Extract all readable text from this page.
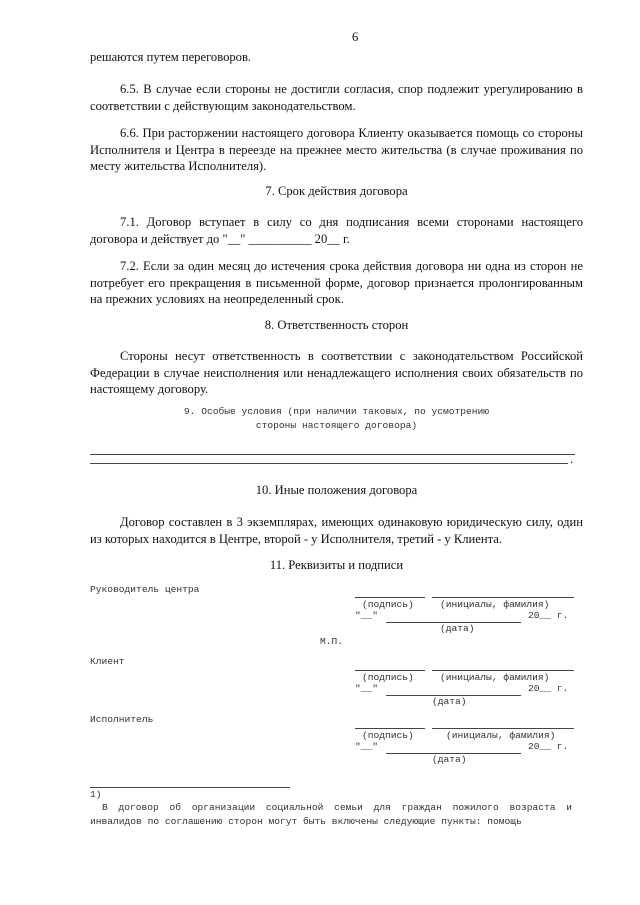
6
решаются путем переговоров.
6.5. В случае если стороны не достигли согласия, спор подлежит урегулированию в соответствии с действующим законодательством.
6.6. При расторжении настоящего договора Клиенту оказывается помощь со стороны Исполнителя и Центра в переезде на прежнее место жительства (в случае проживания по месту жительства Исполнителя).
7. Срок действия договора
7.1. Договор вступает в силу со дня подписания всеми сторонами настоящего договора и действует до "__" __________ 20__ г.
7.2. Если за один месяц до истечения срока действия договора ни одна из сторон не потребует его прекращения в письменной форме, договор признается пролонгированным на прежних условиях на неопределенный срок.
8. Ответственность сторон
Стороны несут ответственность в соответствии с законодательством Российской Федерации в случае неисполнения или ненадлежащего исполнения своих обязательств по настоящему договору.
9. Особые условия (при наличии таковых, по усмотрению
стороны настоящего договора)
.
10. Иные положения договора
Договор составлен в 3 экземплярах, имеющих одинаковую юридическую силу, один из которых находится в Центре, второй - у Исполнителя, третий - у Клиента.
11. Реквизиты и подписи
Руководитель центра
(подпись)	(инициалы, фамилия)
"__"	20__ г.
(дата)
М.П.
Клиент
(подпись)	(инициалы, фамилия)
"__"	20__ г.
(дата)
Исполнитель
(подпись)	(инициалы, фамилия)
"__"	20__ г.
(дата)
1)
В договор об организации социальной семьи для граждан пожилого возраста и инвалидов по соглашению сторон могут быть включены следующие пункты: помощь
